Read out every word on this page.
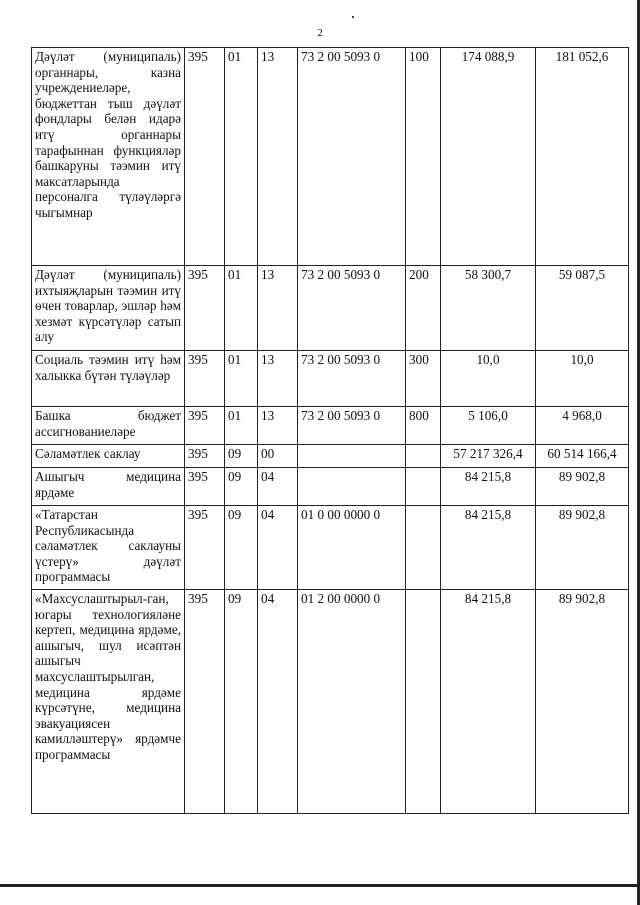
2
Дәүләт (муниципаль) органнары, казна учреждениеләре, бюджеттан тыш дәүләт фондлары белән идарә итү органнары тарафыннан функцияләр башкаруны тәэмин итү максатларында персоналга түләүләргә чыгымнар	395	01	13	73 2 00 5093 0	100	174 088,9	181 052,6
Дәүләт (муниципаль) ихтыяҗларын тәэмин итү өчен товарлар, эшләр һәм хезмәт күрсәтүләр сатып алу	395	01	13	73 2 00 5093 0	200	58 300,7	59 087,5
Социаль тәэмин итү һәм халыкка бүтән түләүләр	395	01	13	73 2 00 5093 0	300	10,0	10,0
Башка бюджет ассигнованиеләре	395	01	13	73 2 00 5093 0	800	5 106,0	4 968,0
Сәламәтлек саклау	395	09	00			57 217 326,4	60 514 166,4
Ашыгыч медицина ярдәме	395	09	04			84 215,8	89 902,8
«Татарстан Республикасында сәламәтлек саклауны үстерү» дәүләт программасы	395	09	04	01 0 00 0000 0		84 215,8	89 902,8
«Махсуслаштырыл-ган, югары технологияләне кертеп, медицина ярдәме, ашыгыч, шул исәптән ашыгыч махсуслаштырылган, медицина ярдәме күрсәтүне, медицина эвакуациясен камилләштерү» ярдәмче программасы	395	09	04	01 2 00 0000 0		84 215,8	89 902,8
